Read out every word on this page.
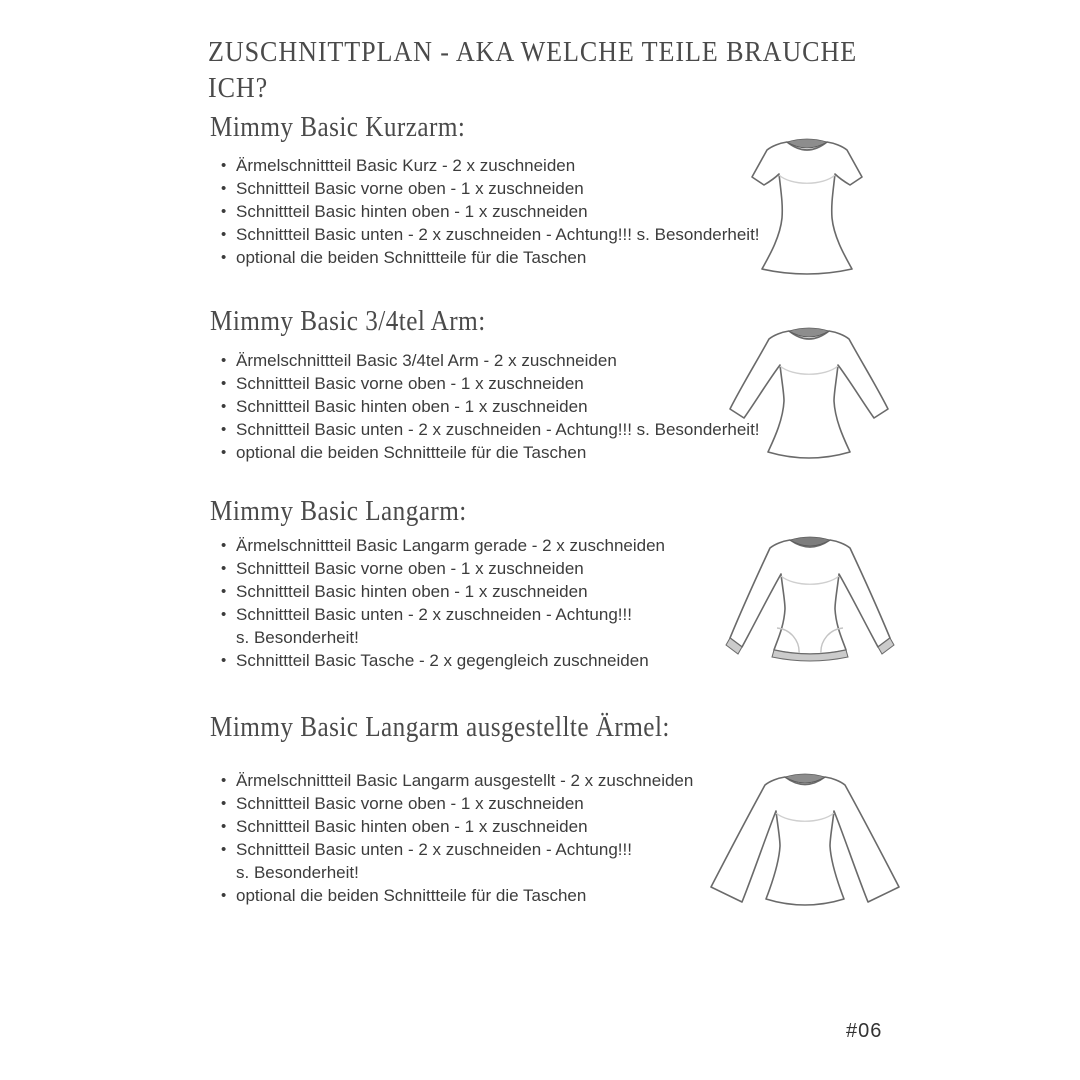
ZUSCHNITTPLAN - AKA WELCHE TEILE BRAUCHE ICH?
Mimmy Basic Kurzarm:
• Ärmelschnittteil Basic Kurz - 2 x zuschneiden
• Schnittteil Basic vorne oben - 1 x zuschneiden
• Schnittteil Basic hinten oben - 1 x zuschneiden
• Schnittteil Basic unten - 2 x zuschneiden - Achtung!!! s. Besonderheit!
• optional die beiden Schnittteile für die Taschen
Mimmy Basic 3/4tel Arm:
• Ärmelschnittteil Basic 3/4tel Arm - 2 x zuschneiden
• Schnittteil Basic vorne oben - 1 x zuschneiden
• Schnittteil Basic hinten oben - 1 x zuschneiden
• Schnittteil Basic unten - 2 x zuschneiden - Achtung!!! s. Besonderheit!
• optional die beiden Schnittteile für die Taschen
Mimmy Basic Langarm:
• Ärmelschnittteil Basic Langarm gerade - 2 x zuschneiden
• Schnittteil Basic vorne oben - 1 x zuschneiden
• Schnittteil Basic hinten oben - 1 x zuschneiden
• Schnittteil Basic unten - 2 x zuschneiden - Achtung!!!
s. Besonderheit!
• Schnittteil Basic Tasche - 2 x gegengleich zuschneiden
Mimmy Basic Langarm ausgestellte Ärmel:
• Ärmelschnittteil Basic Langarm ausgestellt - 2 x zuschneiden
• Schnittteil Basic vorne oben - 1 x zuschneiden
• Schnittteil Basic hinten oben - 1 x zuschneiden
• Schnittteil Basic unten - 2 x zuschneiden - Achtung!!!
s. Besonderheit!
• optional die beiden Schnittteile für die Taschen
#06
